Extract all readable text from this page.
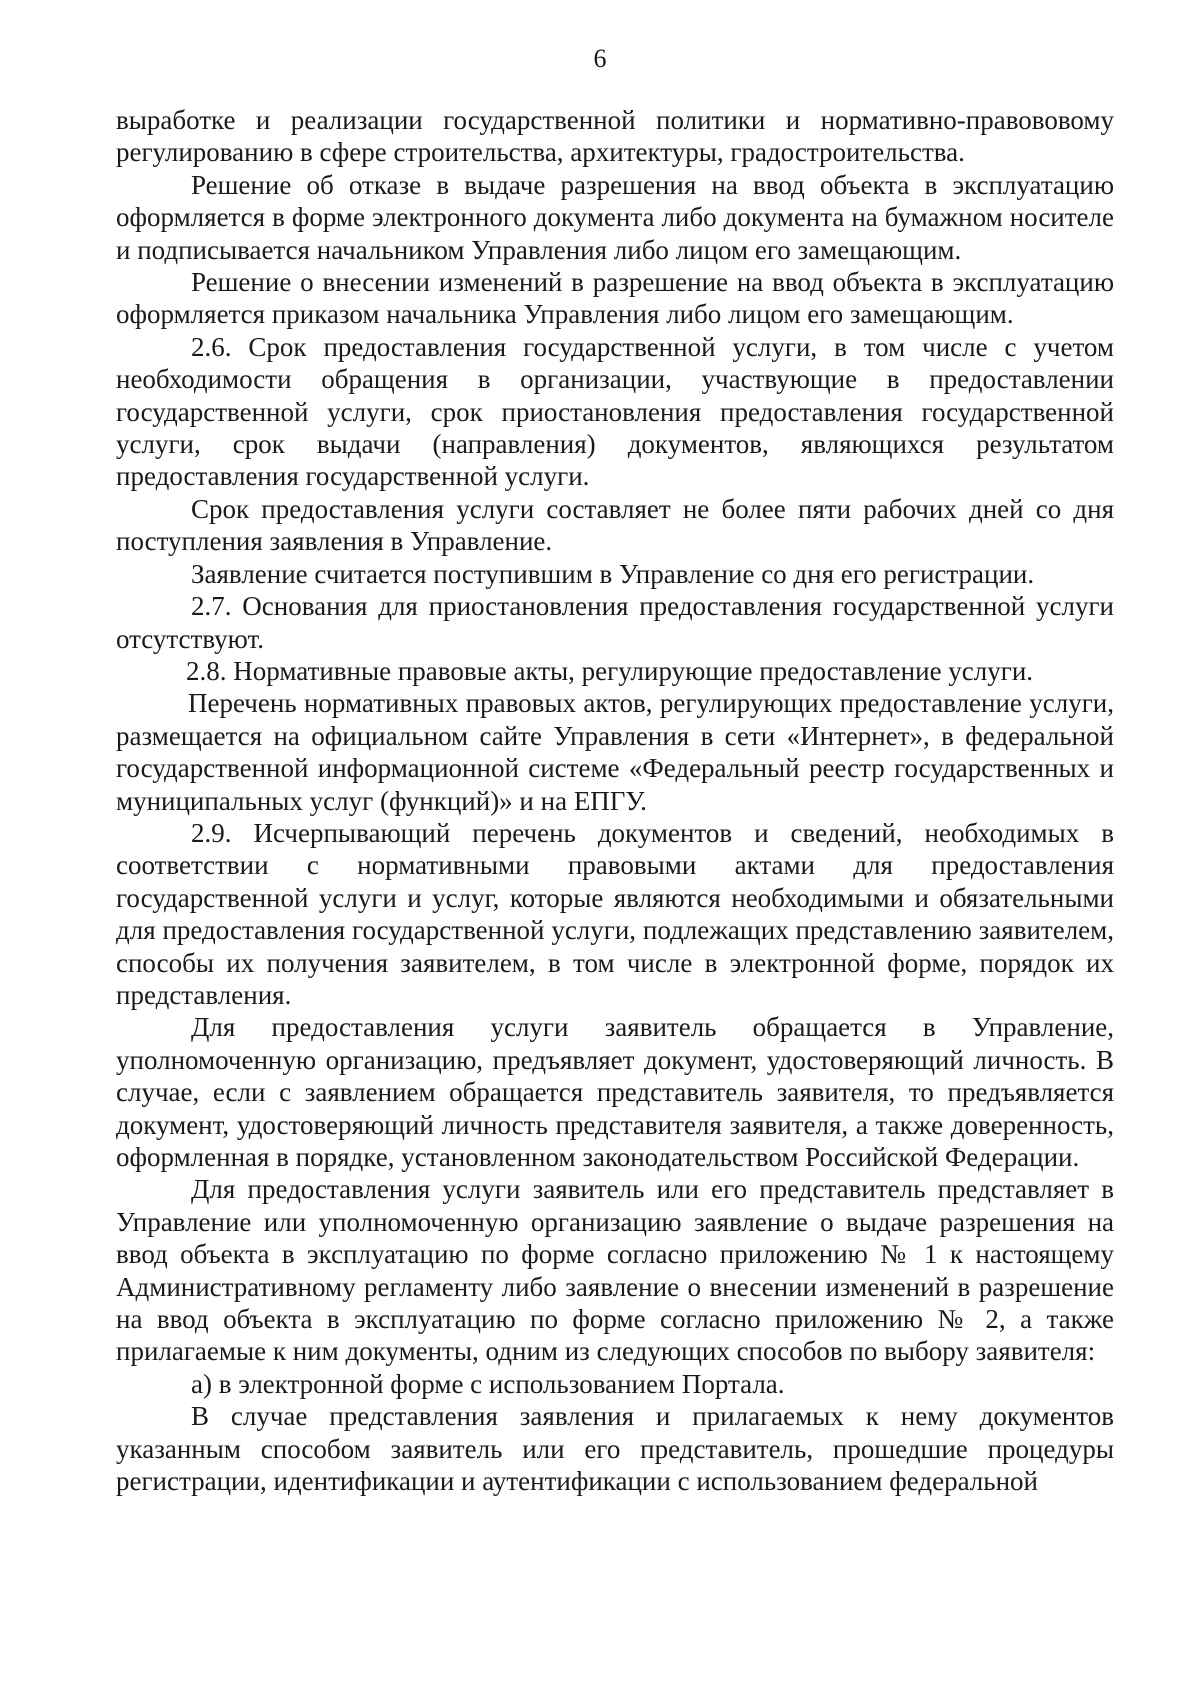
6

выработке и реализации государственной политики и нормативно-правововому регулированию в сфере строительства, архитектуры, градостроительства.

Решение об отказе в выдаче разрешения на ввод объекта в эксплуатацию оформляется в форме электронного документа либо документа на бумажном носителе и подписывается начальником Управления либо лицом его замещающим.

Решение о внесении изменений в разрешение на ввод объекта в эксплуатацию оформляется приказом начальника Управления либо лицом его замещающим.

2.6. Срок предоставления государственной услуги, в том числе с учетом необходимости обращения в организации, участвующие в предоставлении государственной услуги, срок приостановления предоставления государственной услуги, срок выдачи (направления) документов, являющихся результатом предоставления государственной услуги.

Срок предоставления услуги составляет не более пяти рабочих дней со дня поступления заявления в Управление.

Заявление считается поступившим в Управление со дня его регистрации.

2.7. Основания для приостановления предоставления государственной услуги отсутствуют.

2.8. Нормативные правовые акты, регулирующие предоставление услуги.

Перечень нормативных правовых актов, регулирующих предоставление услуги, размещается на официальном сайте Управления в сети «Интернет», в федеральной государственной информационной системе «Федеральный реестр государственных и муниципальных услуг (функций)» и на ЕПГУ.

2.9. Исчерпывающий перечень документов и сведений, необходимых в соответствии с нормативными правовыми актами для предоставления государственной услуги и услуг, которые являются необходимыми и обязательными для предоставления государственной услуги, подлежащих представлению заявителем, способы их получения заявителем, в том числе в электронной форме, порядок их представления.

Для предоставления услуги заявитель обращается в Управление, уполномоченную организацию, предъявляет документ, удостоверяющий личность. В случае, если с заявлением обращается представитель заявителя, то предъявляется документ, удостоверяющий личность представителя заявителя, а также доверенность, оформленная в порядке, установленном законодательством Российской Федерации.

Для предоставления услуги заявитель или его представитель представляет в Управление или уполномоченную организацию заявление о выдаче разрешения на ввод объекта в эксплуатацию по форме согласно приложению № 1 к настоящему Административному регламенту либо заявление о внесении изменений в разрешение на ввод объекта в эксплуатацию по форме согласно приложению № 2, а также прилагаемые к ним документы, одним из следующих способов по выбору заявителя:

а) в электронной форме с использованием Портала.

В случае представления заявления и прилагаемых к нему документов указанным способом заявитель или его представитель, прошедшие процедуры регистрации, идентификации и аутентификации с использованием федеральной
